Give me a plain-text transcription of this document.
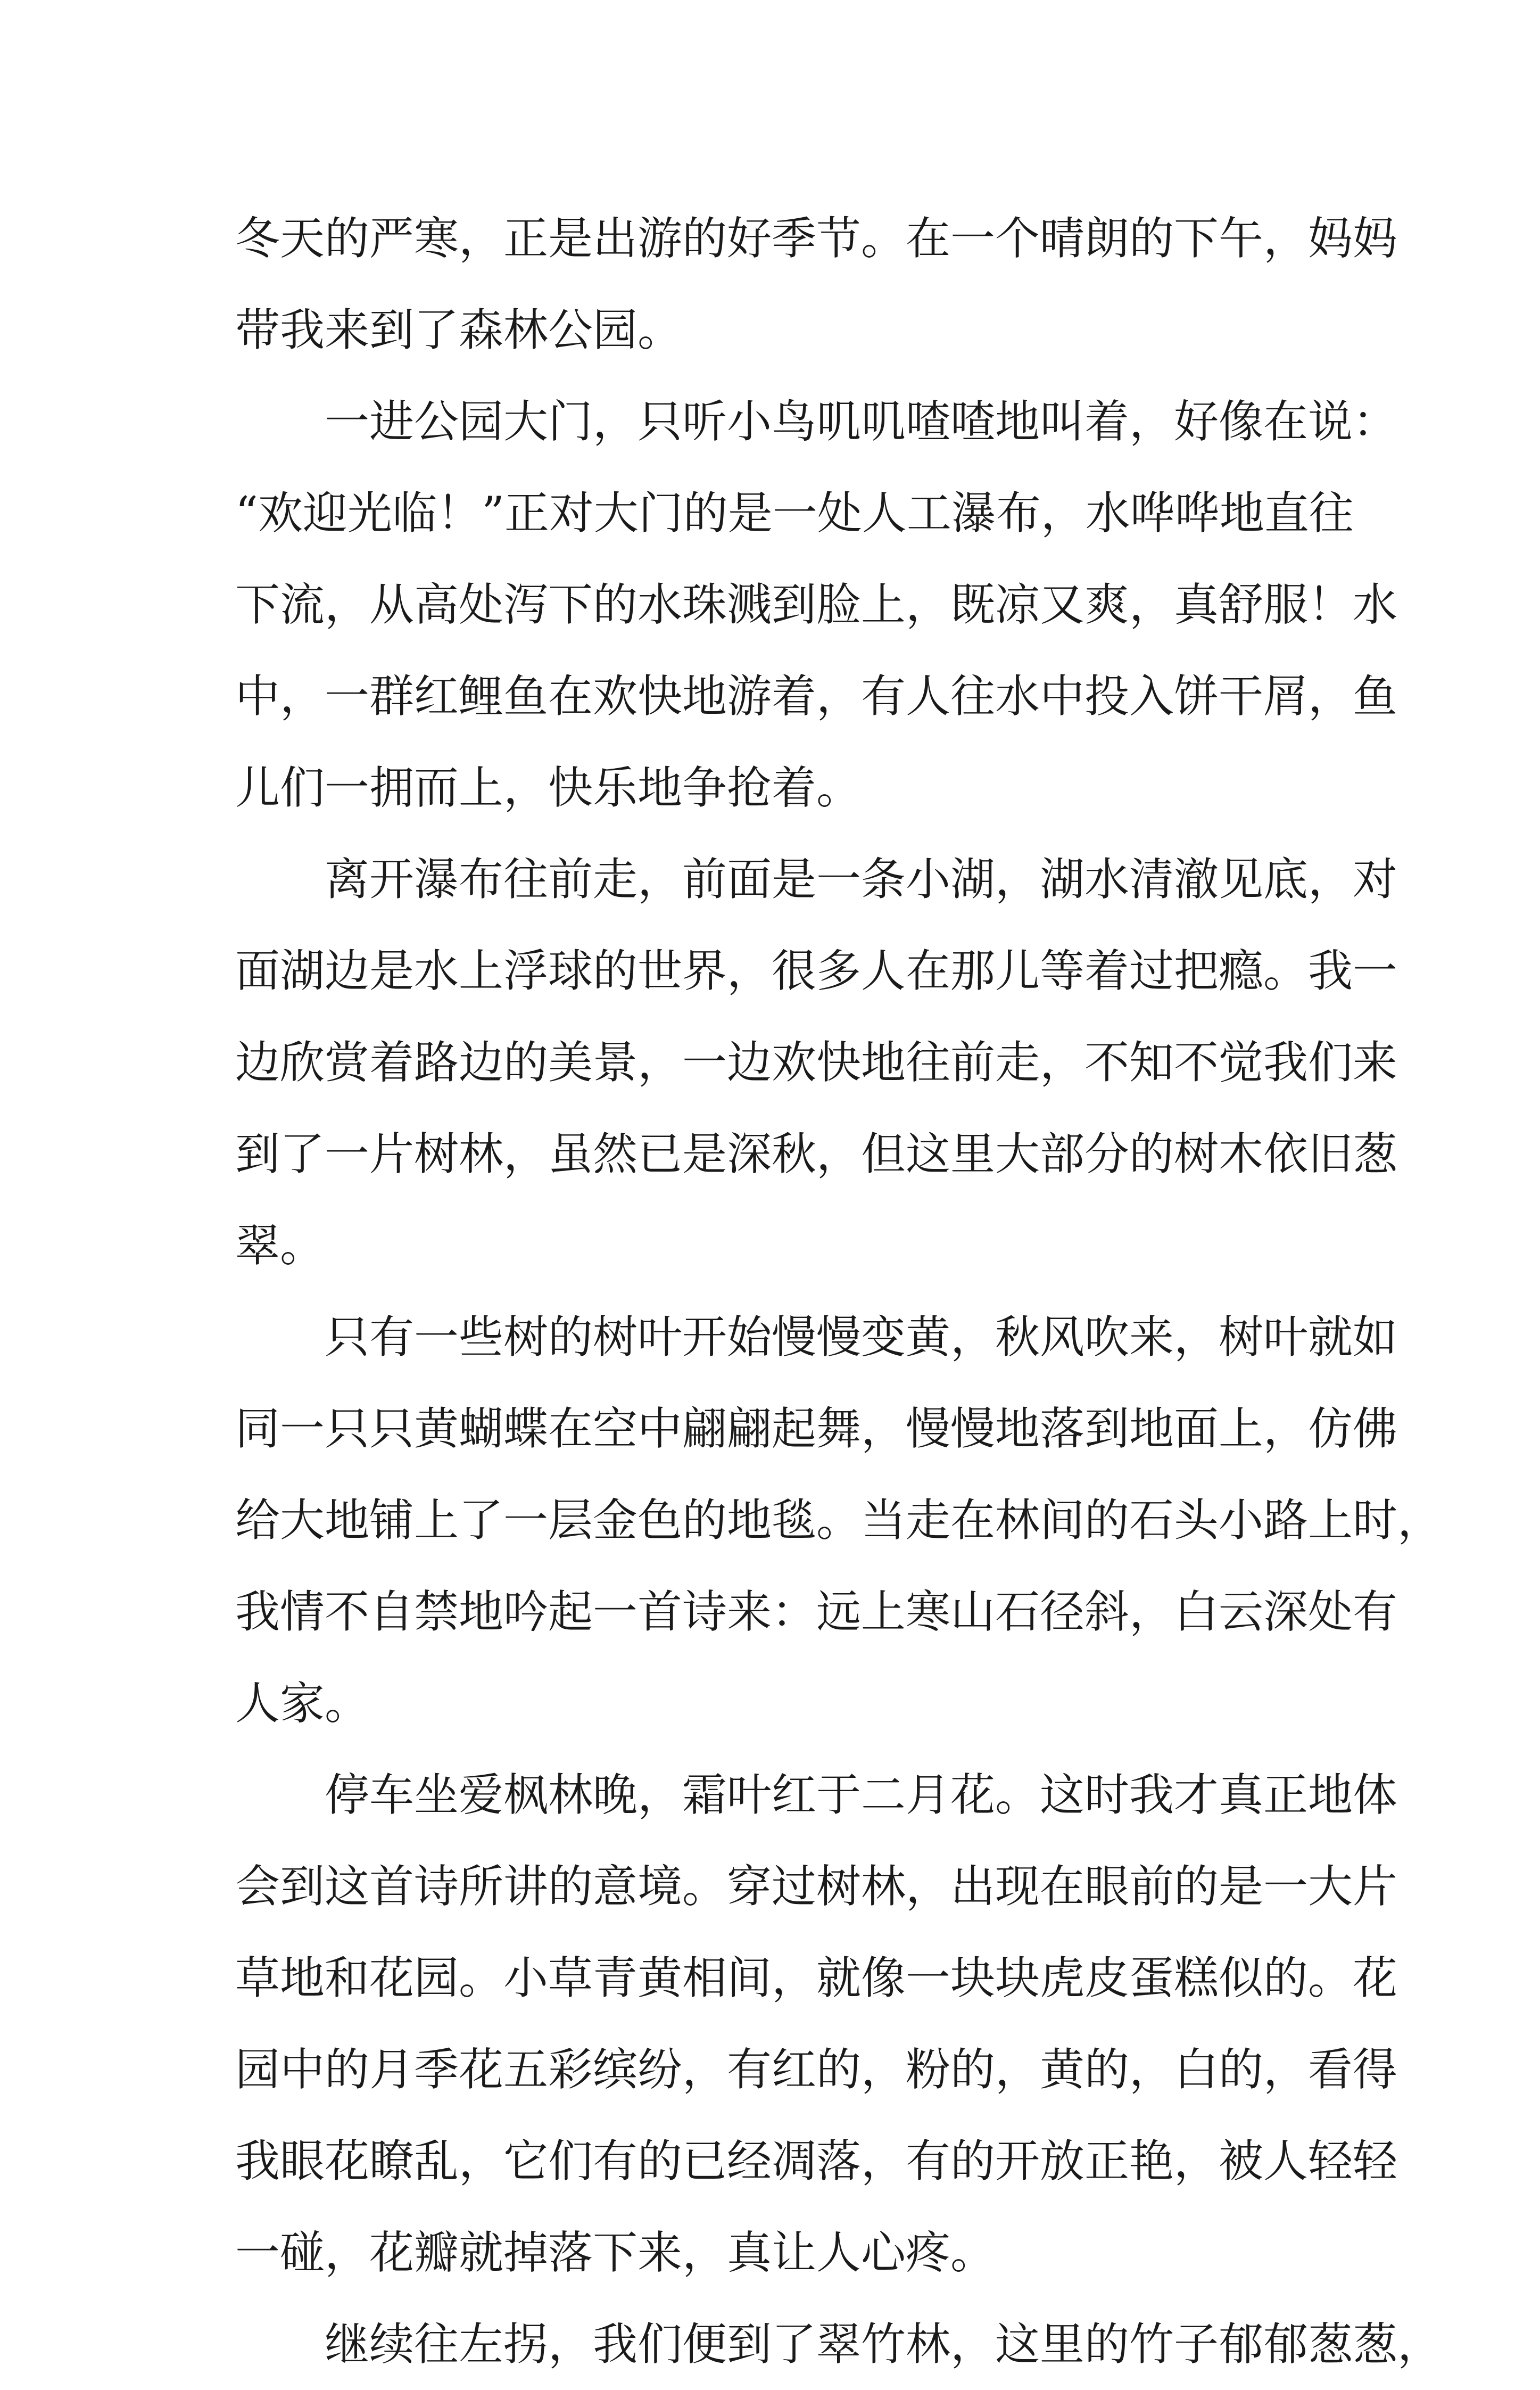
冬天的严寒，正是出游的好季节。在一个晴朗的下午，妈妈
带我来到了森林公园。
一进公园大门，只听小鸟叽叽喳喳地叫着，好像在说：
“欢迎光临！”正对大门的是一处人工瀑布，水哗哗地直往
下流，从高处泻下的水珠溅到脸上，既凉又爽，真舒服！水
中，一群红鲤鱼在欢快地游着，有人往水中投入饼干屑，鱼
儿们一拥而上，快乐地争抢着。
离开瀑布往前走，前面是一条小湖，湖水清澈见底，对
面湖边是水上浮球的世界，很多人在那儿等着过把瘾。我一
边欣赏着路边的美景，一边欢快地往前走，不知不觉我们来
到了一片树林，虽然已是深秋，但这里大部分的树木依旧葱
翠。
只有一些树的树叶开始慢慢变黄，秋风吹来，树叶就如
同一只只黄蝴蝶在空中翩翩起舞，慢慢地落到地面上，仿佛
给大地铺上了一层金色的地毯。当走在林间的石头小路上时，
我情不自禁地吟起一首诗来：远上寒山石径斜，白云深处有
人家。
停车坐爱枫林晚，霜叶红于二月花。这时我才真正地体
会到这首诗所讲的意境。穿过树林，出现在眼前的是一大片
草地和花园。小草青黄相间，就像一块块虎皮蛋糕似的。花
园中的月季花五彩缤纷，有红的，粉的，黄的，白的，看得
我眼花瞭乱，它们有的已经凋落，有的开放正艳，被人轻轻
一碰，花瓣就掉落下来，真让人心疼。
继续往左拐，我们便到了翠竹林，这里的竹子郁郁葱葱，
